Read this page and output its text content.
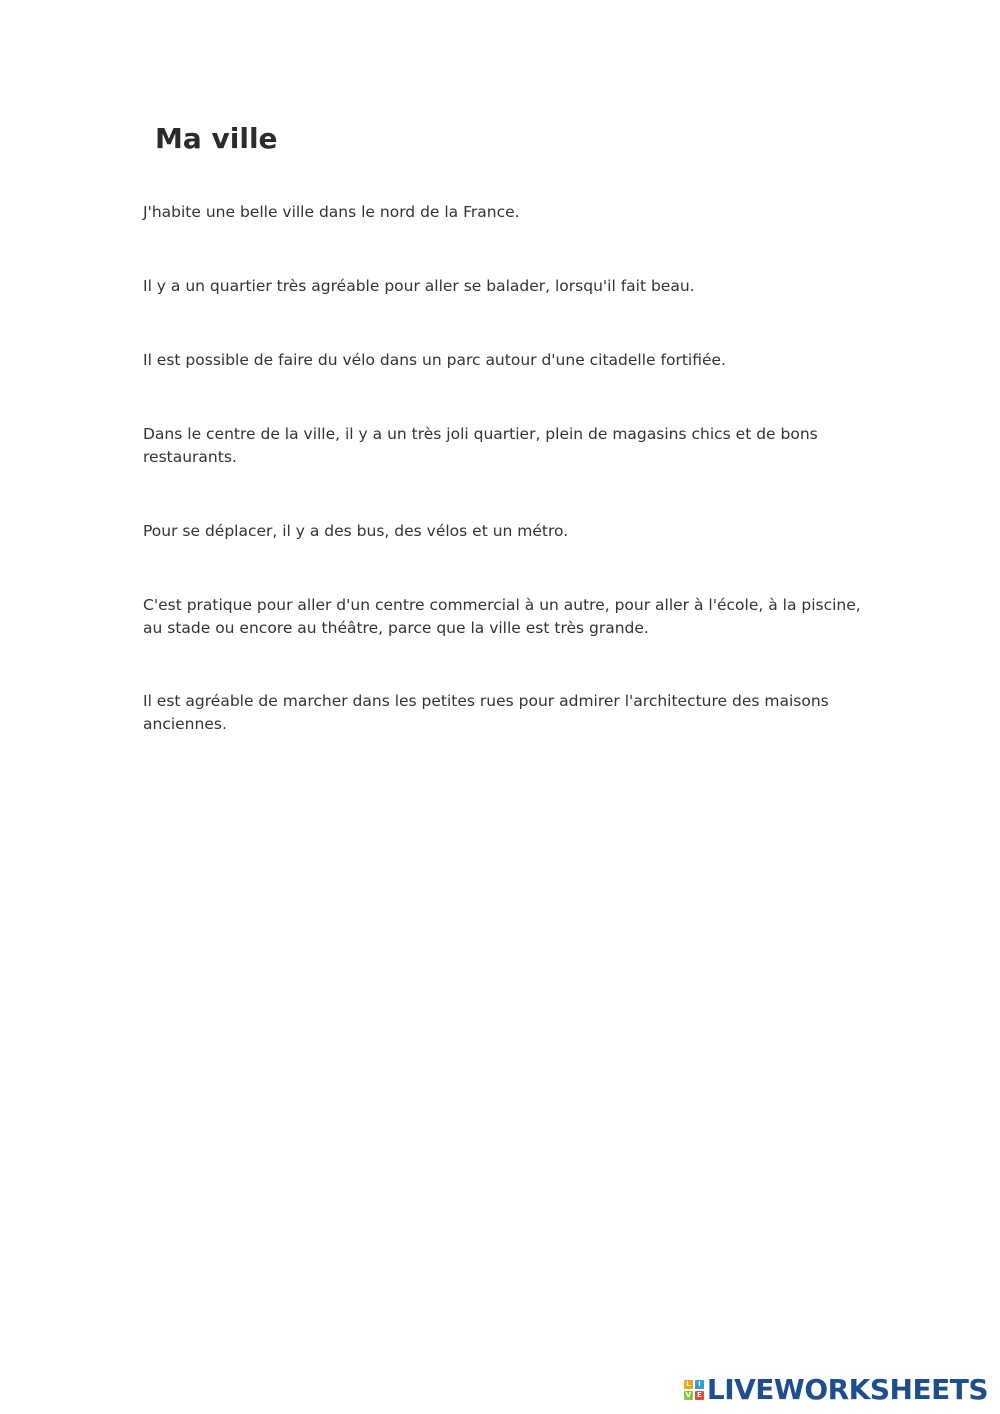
Ma ville

J'habite une belle ville dans le nord de la France.

Il y a un quartier très agréable pour aller se balader, lorsqu'il fait beau.

Il est possible de faire du vélo dans un parc autour d'une citadelle fortifiée.

Dans le centre de la ville, il y a un très joli quartier, plein de magasins chics et de bons restaurants.

Pour se déplacer, il y a des bus, des vélos et un métro.

C'est pratique pour aller d'un centre commercial à un autre, pour aller à l'école, à la piscine, au stade ou encore au théâtre, parce que la ville est très grande.

Il est agréable de marcher dans les petites rues pour admirer l'architecture des maisons anciennes.

L	I
V E LIVEWORKSHEETS
